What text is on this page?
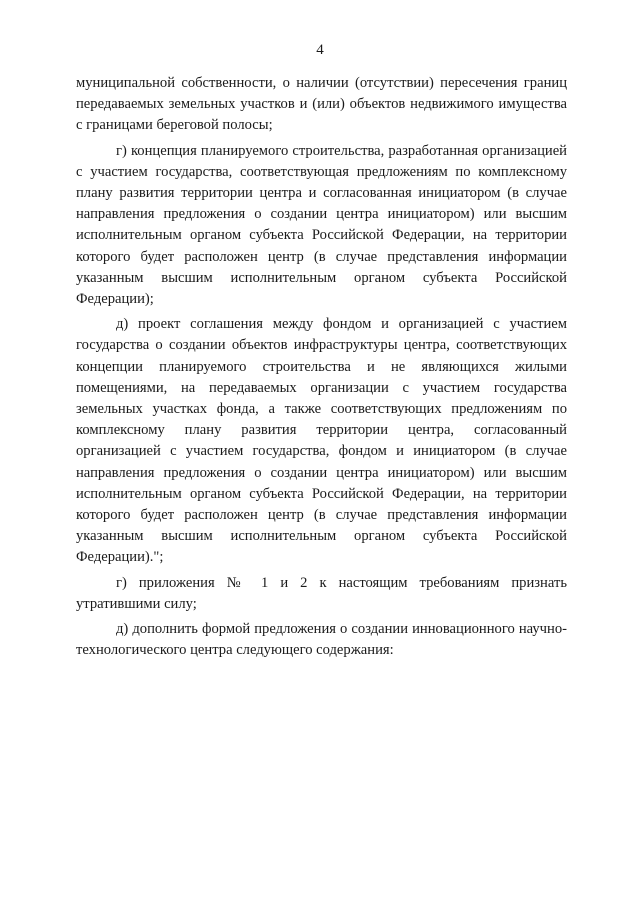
4

муниципальной собственности, о наличии (отсутствии) пересечения границ передаваемых земельных участков и (или) объектов недвижимого имущества с границами береговой полосы;

г) концепция планируемого строительства, разработанная организацией с участием государства, соответствующая предложениям по комплексному плану развития территории центра и согласованная инициатором (в случае направления предложения о создании центра инициатором) или высшим исполнительным органом субъекта Российской Федерации, на территории которого будет расположен центр (в случае представления информации указанным высшим исполнительным органом субъекта Российской Федерации);

д) проект соглашения между фондом и организацией с участием государства о создании объектов инфраструктуры центра, соответствующих концепции планируемого строительства и не являющихся жилыми помещениями, на передаваемых организации с участием государства земельных участках фонда, а также соответствующих предложениям по комплексному плану развития территории центра, согласованный организацией с участием государства, фондом и инициатором (в случае направления предложения о создании центра инициатором) или высшим исполнительным органом субъекта Российской Федерации, на территории которого будет расположен центр (в случае представления информации указанным высшим исполнительным органом субъекта Российской Федерации).";

г) приложения № 1 и 2 к настоящим требованиям признать утратившими силу;

д) дополнить формой предложения о создании инновационного научно-технологического центра следующего содержания:
